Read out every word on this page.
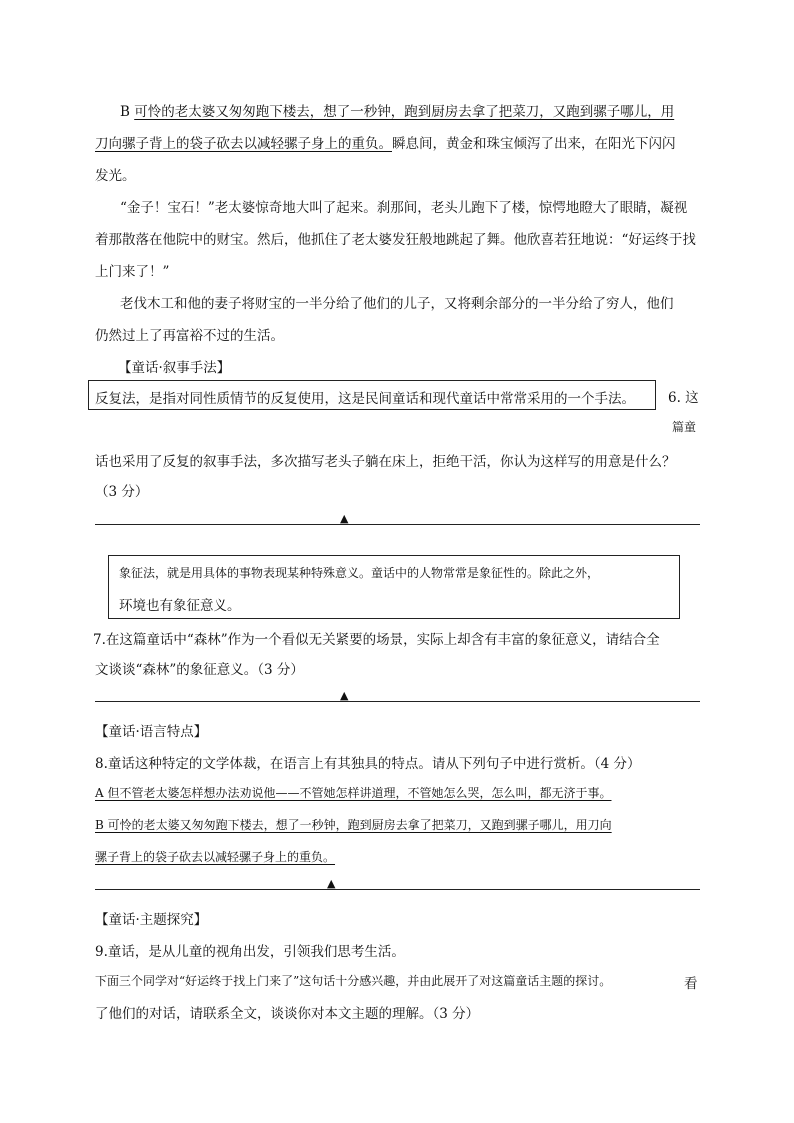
B 可怜的老太婆又匆匆跑下楼去，想了一秒钟，跑到厨房去拿了把菜刀，又跑到骡子哪儿，用
刀向骡子背上的袋子砍去以减轻骡子身上的重负。瞬息间，黄金和珠宝倾泻了出来，在阳光下闪闪
发光。
“金子！宝石！”老太婆惊奇地大叫了起来。刹那间，老头儿跑下了楼，惊愕地瞪大了眼睛，凝视
着那散落在他院中的财宝。然后，他抓住了老太婆发狂般地跳起了舞。他欣喜若狂地说：“好运终于找
上门来了！”
老伐木工和他的妻子将财宝的一半分给了他们的儿子，又将剩余部分的一半分给了穷人，他们
仍然过上了再富裕不过的生活。
【童话·叙事手法】
反复法，是指对同性质情节的反复使用，这是民间童话和现代童话中常常采用的一个手法。 6. 这
篇童
话也采用了反复的叙事手法，多次描写老头子躺在床上，拒绝干活，你认为这样写的用意是什么？
（3 分）
▲
象征法，就是用具体的事物表现某种特殊意义。童话中的人物常常是象征性的。除此之外，
环境也有象征意义。
7.在这篇童话中“森林”作为一个看似无关紧要的场景，实际上却含有丰富的象征意义，请结合全
文谈谈“森林”的象征意义。（3 分）
▲
【童话·语言特点】
8.童话这种特定的文学体裁，在语言上有其独具的特点。请从下列句子中进行赏析。（4 分）
A 但不管老太婆怎样想办法劝说他——不管她怎样讲道理，不管她怎么哭，怎么叫，都无济于事。
B 可怜的老太婆又匆匆跑下楼去，想了一秒钟，跑到厨房去拿了把菜刀，又跑到骡子哪儿，用刀向
骡子背上的袋子砍去以减轻骡子身上的重负。
▲
【童话·主题探究】
9.童话，是从儿童的视角出发，引领我们思考生活。
下面三个同学对“好运终于找上门来了”这句话十分感兴趣，并由此展开了对这篇童话主题的探讨。	看
了他们的对话，请联系全文，谈谈你对本文主题的理解。（3 分）
